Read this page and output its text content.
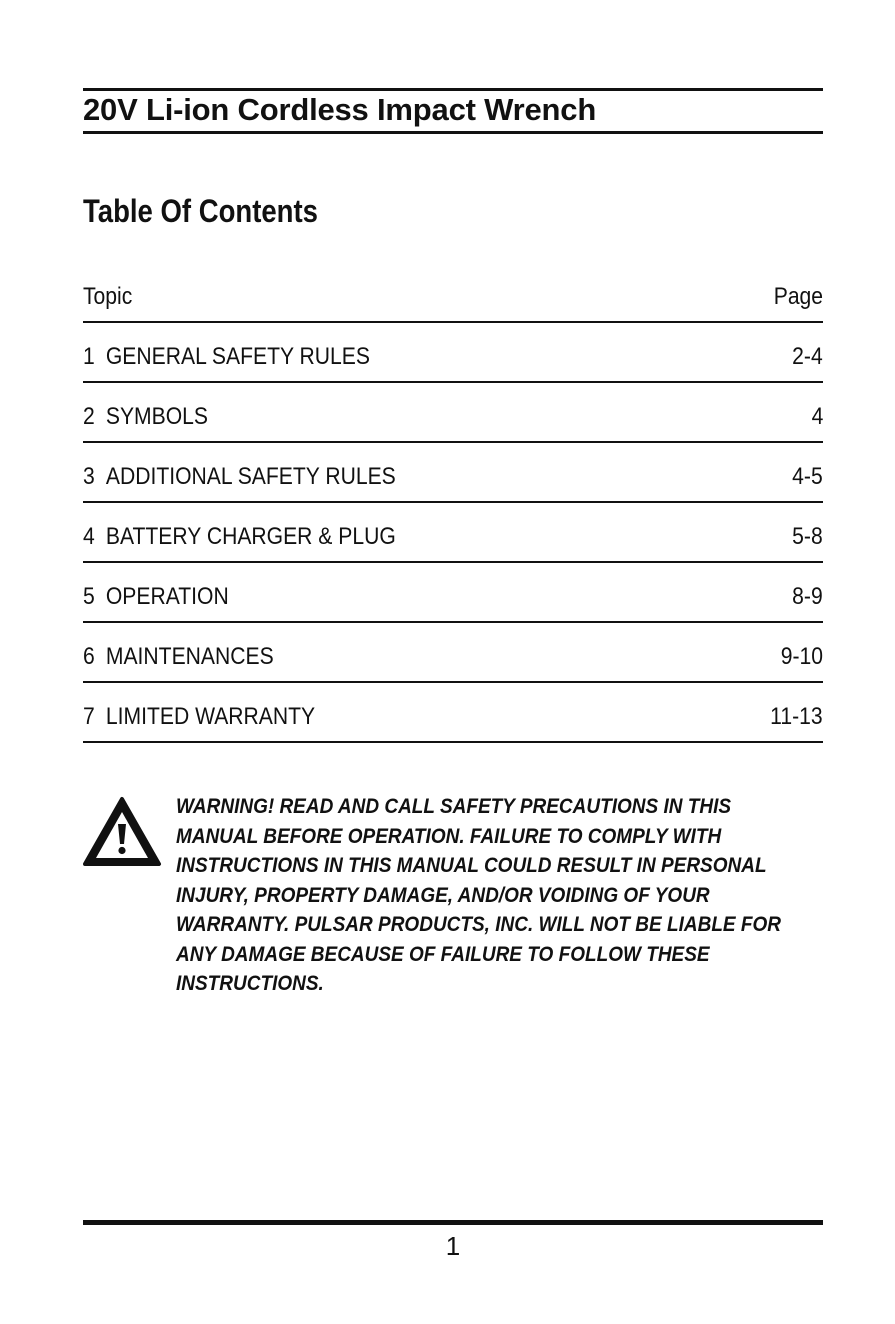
20V Li-ion Cordless Impact Wrench
Table Of Contents
Topic	Page
1 GENERAL SAFETY RULES	2-4
2 SYMBOLS	4
3 ADDITIONAL SAFETY RULES	4-5
4 BATTERY CHARGER & PLUG	5-8
5 OPERATION	8-9
6 MAINTENANCES	9-10
7 LIMITED WARRANTY	11-13
WARNING! READ AND CALL SAFETY PRECAUTIONS IN THIS
MANUAL BEFORE OPERATION. FAILURE TO COMPLY WITH
INSTRUCTIONS IN THIS MANUAL COULD RESULT IN PERSONAL
INJURY, PROPERTY DAMAGE, AND/OR VOIDING OF YOUR
WARRANTY. PULSAR PRODUCTS, INC. WILL NOT BE LIABLE FOR
ANY DAMAGE BECAUSE OF FAILURE TO FOLLOW THESE
INSTRUCTIONS.
1
